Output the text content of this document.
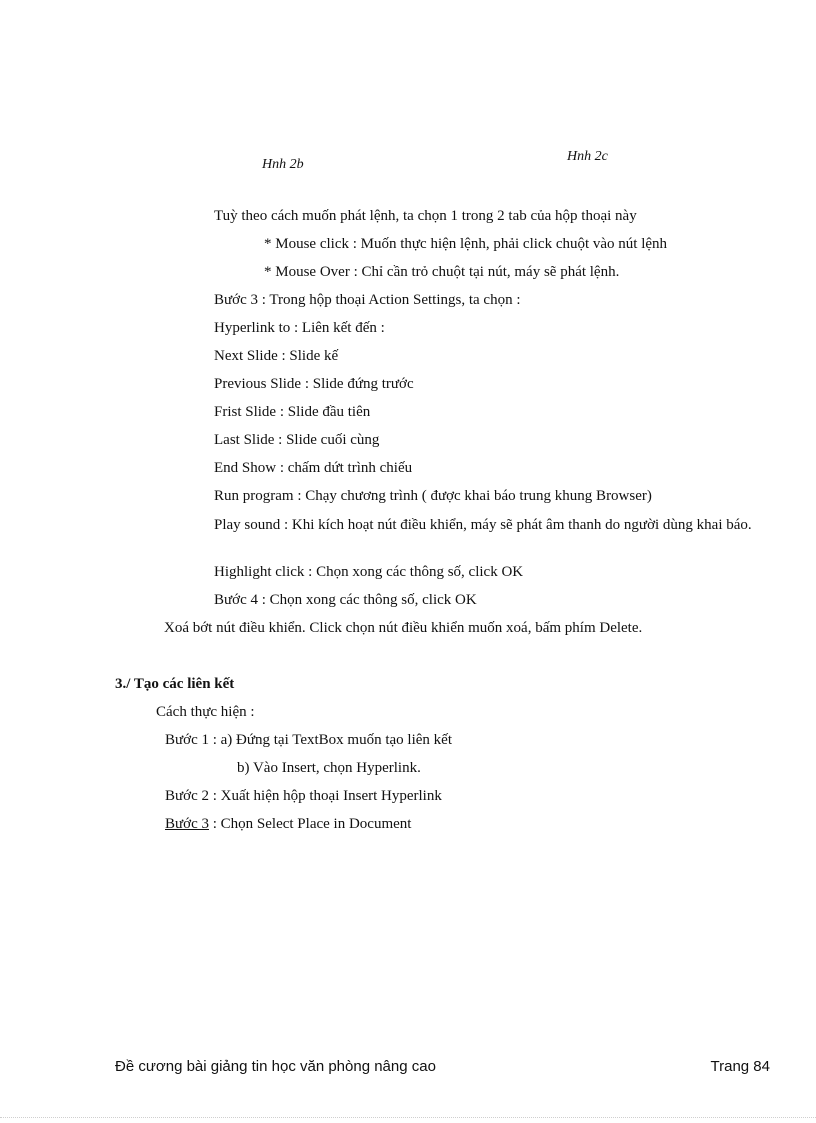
Hnh 2b
Hnh 2c
Tuỳ theo cách muốn phát lệnh, ta chọn 1 trong 2 tab của hộp thoại này
* Mouse click : Muốn thực hiện lệnh, phải click chuột vào nút lệnh
* Mouse Over : Chỉ cần trỏ chuột tại nút, máy sẽ phát lệnh.
Bước 3 : Trong hộp thoại Action Settings, ta chọn :
Hyperlink to : Liên kết đến :
Next Slide : Slide kế
Previous Slide : Slide đứng trước
Frist Slide : Slide đầu tiên
Last Slide : Slide cuối cùng
End Show : chấm dứt trình chiếu
Run program : Chạy chương trình ( được khai báo trung khung Browser)
Play sound : Khi kích hoạt nút điều khiển, máy sẽ phát âm thanh do người dùng khai báo.
Highlight click : Chọn xong các thông số, click OK
Bước 4 : Chọn xong các thông số, click OK
Xoá bớt nút điều khiển. Click chọn nút điều khiển muốn xoá, bấm phím Delete.
3./ Tạo các liên kết
Cách thực hiện :
Bước 1 : a) Đứng tại TextBox muốn tạo liên kết
b) Vào Insert, chọn Hyperlink.
Bước 2 : Xuất hiện hộp thoại Insert Hyperlink
Bước 3 : Chọn Select Place in Document
Đề cương bài giảng tin học văn phòng nâng cao	Trang 84
